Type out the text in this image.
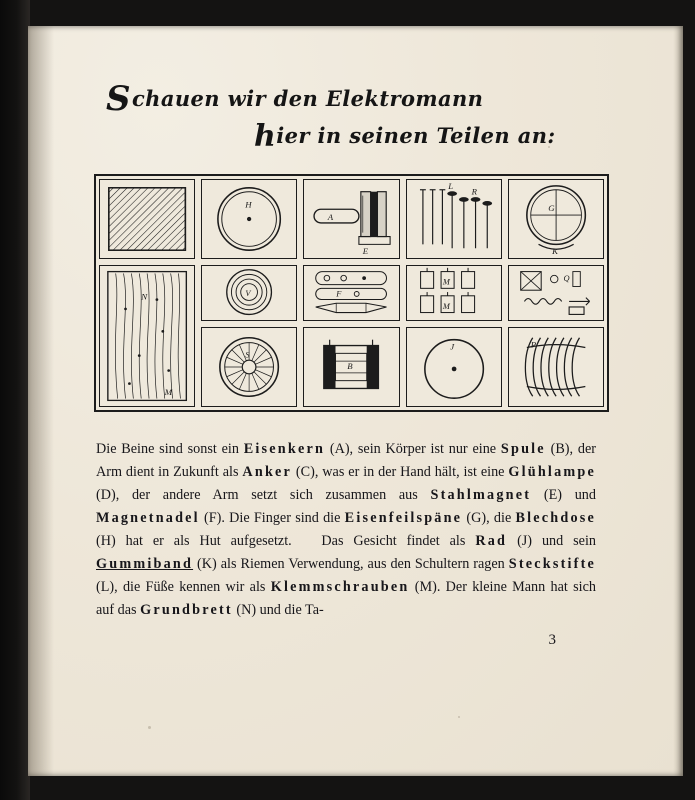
Schauen wir den Elektromann
hier in seinen Teilen an:
H
A
E
L
R
G
K
N
M
V	F
M
M
Q
S
B
J	P

Die Beine sind sonst ein Eisenkern (A), sein Körper ist nur eine Spule (B), der Arm dient in Zukunft als Anker (C), was er in der Hand hält, ist eine Glühlampe (D), der andere Arm setzt sich zusammen aus Stahlmagnet (E) und Magnetnadel (F). Die Finger sind die Eisenfeilspäne (G), die Blechdose (H) hat er als Hut aufgesetzt.   Das Gesicht findet als Rad (J) und sein Gummiband (K) als Riemen Verwendung, aus den Schultern ragen Steckstifte (L), die Füße kennen wir als Klemmschrauben (M). Der kleine Mann hat sich auf das Grundbrett (N) und die Ta-

3
